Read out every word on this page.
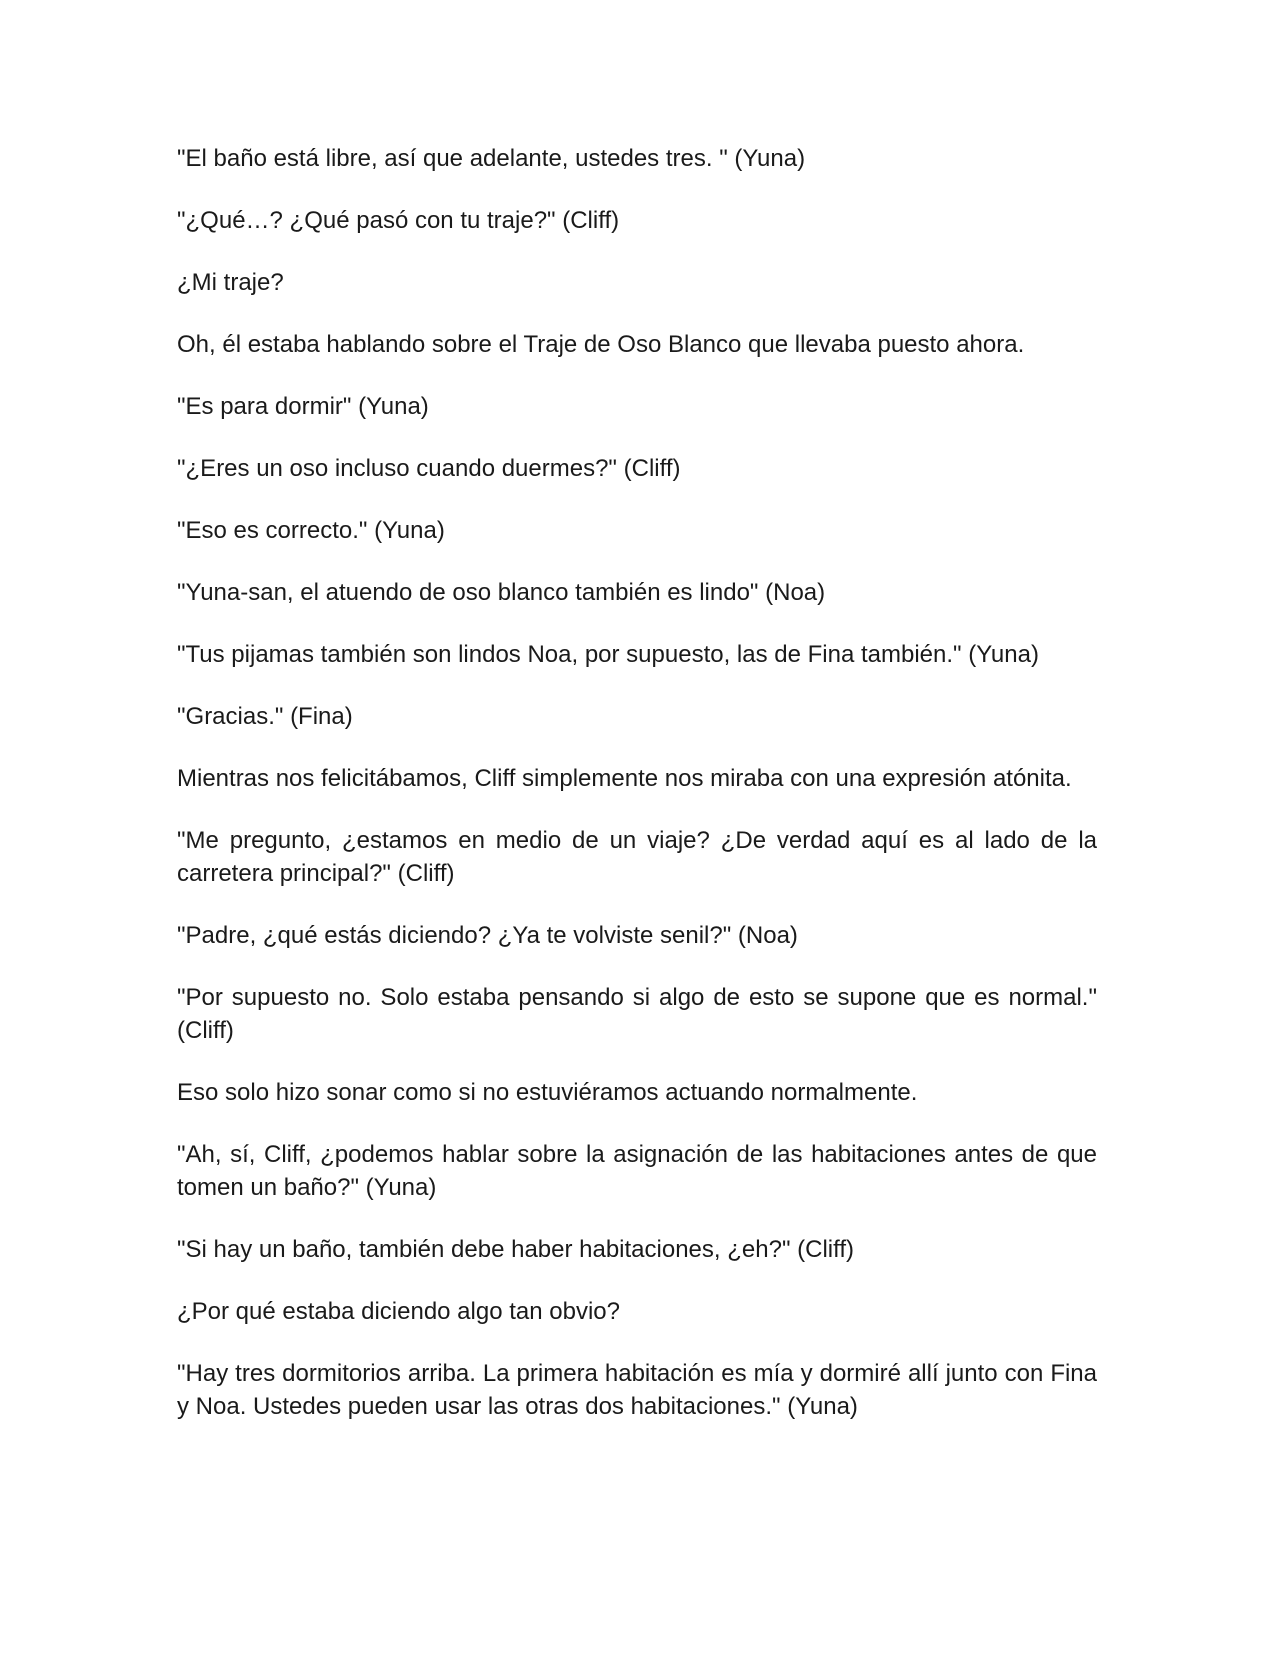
"El baño está libre, así que adelante, ustedes tres. " (Yuna)

"¿Qué…? ¿Qué pasó con tu traje?" (Cliff)

¿Mi traje?

Oh, él estaba hablando sobre el Traje de Oso Blanco que llevaba puesto ahora.

"Es para dormir" (Yuna)

"¿Eres un oso incluso cuando duermes?" (Cliff)

"Eso es correcto." (Yuna)

"Yuna-san, el atuendo de oso blanco también es lindo" (Noa)

"Tus pijamas también son lindos Noa, por supuesto, las de Fina también." (Yuna)

"Gracias." (Fina)

Mientras nos felicitábamos, Cliff simplemente nos miraba con una expresión atónita.

"Me pregunto, ¿estamos en medio de un viaje? ¿De verdad aquí es al lado de la carretera principal?" (Cliff)

"Padre, ¿qué estás diciendo? ¿Ya te volviste senil?" (Noa)

"Por supuesto no. Solo estaba pensando si algo de esto se supone que es normal." (Cliff)

Eso solo hizo sonar como si no estuviéramos actuando normalmente.

"Ah, sí, Cliff, ¿podemos hablar sobre la asignación de las habitaciones antes de que tomen un baño?" (Yuna)

"Si hay un baño, también debe haber habitaciones, ¿eh?" (Cliff)

¿Por qué estaba diciendo algo tan obvio?

"Hay tres dormitorios arriba. La primera habitación es mía y dormiré allí junto con Fina y Noa. Ustedes pueden usar las otras dos habitaciones." (Yuna)
